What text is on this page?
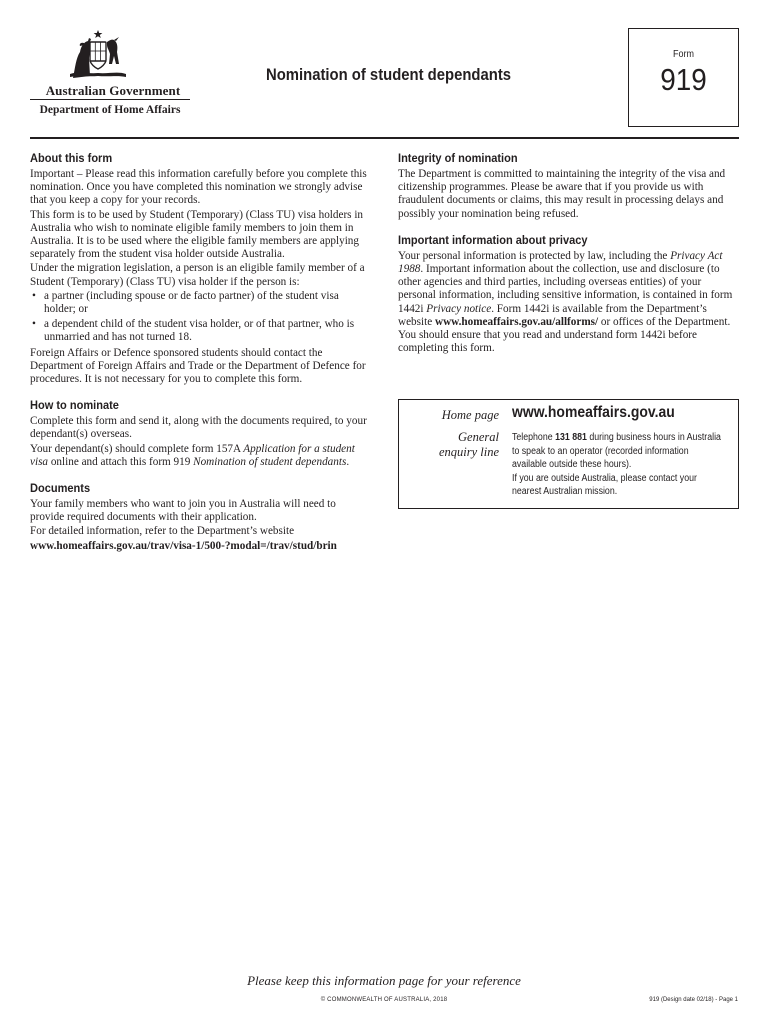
Australian Government
Department of Home Affairs
Nomination of student dependants
Form
919
About this form

Important – Please read this information carefully before you complete this nomination. Once you have completed this nomination we strongly advise that you keep a copy for your records.

This form is to be used by Student (Temporary) (Class TU) visa holders in Australia who wish to nominate eligible family members to join them in Australia. It is to be used where the eligible family members are applying separately from the student visa holder outside Australia.

Under the migration legislation, a person is an eligible family member of a Student (Temporary) (Class TU) visa holder if the person is:

• a partner (including spouse or de facto partner) of the student visa holder; or
• a dependent child of the student visa holder, or of that partner, who is unmarried and has not turned 18.

Foreign Affairs or Defence sponsored students should contact the Department of Foreign Affairs and Trade or the Department of Defence for procedures. It is not necessary for you to complete this form.

How to nominate

Complete this form and send it, along with the documents required, to your dependant(s) overseas.

Your dependant(s) should complete form 157A Application for a student visa online and attach this form 919 Nomination of student dependants.

Documents

Your family members who want to join you in Australia will need to provide required documents with their application.

For detailed information, refer to the Department’s website

www.homeaffairs.gov.au/trav/visa-1/500-?modal=/trav/stud/brin

Integrity of nomination

The Department is committed to maintaining the integrity of the visa and citizenship programmes. Please be aware that if you provide us with fraudulent documents or claims, this may result in processing delays and possibly your nomination being refused.

Important information about privacy

Your personal information is protected by law, including the Privacy Act 1988. Important information about the collection, use and disclosure (to other agencies and third parties, including overseas entities) of your personal information, including sensitive information, is contained in form 1442i Privacy notice. Form 1442i is available from the Department’s website www.homeaffairs.gov.au/allforms/ or offices of the Department. You should ensure that you read and understand form 1442i before completing this form.

Home page www.homeaffairs.gov.au
General
enquiry line
Telephone 131 881 during business hours in Australia to speak to an operator (recorded information available outside these hours).
If you are outside Australia, please contact your nearest Australian mission.
Please keep this information page for your reference
© COMMONWEALTH OF AUSTRALIA, 2018	919 (Design date 02/18) - Page 1
